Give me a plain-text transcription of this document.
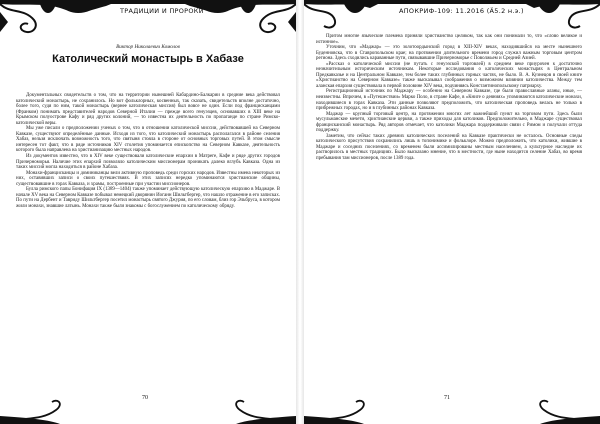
ТРАДИЦИИ И ПРОРОКИ
Виктор Николаевич Комолов
Католический монастырь в Хабазе

Документальных свидетельств о том, что на территории нынешней Кабардино-Балкарии в средние века действовал католический монастырь, не сохранилось. Но вот фольклорных, косвенных, так сказать, свидетельств вполне достаточно, более того, судя по ним, такой монастырь (вернее католическая миссия) был вовсе не один. Если под францисканцами (Франком) понимать представителей народов Северной Италии — прежде всего генуэзцев, основавших в XIII веке на Крымском полуострове Кафу и ряд других колоний, — то известна их деятельность по пропаганде по стране Римско-католической веры.

Мы уже писали о предположении ученых о том, что в отношении католической миссии, действовавшей на Северном Кавказе, существуют определённые данные. Исходя из того, что католический монастырь располагался в районе селения Хабаз, нельзя исключать возможность того, что святыня стояла в стороне от основных торговых путей. В этом смысле интересен тот факт, что в ряде источников XIV столетия упоминается епископство на Северном Кавказе, деятельность которого была направлена на христианизацию местных народов.

Из документов известно, что в XIV веке существовали католические епархии в Матреге, Кафе и ряде других городов Причерноморья. Наличие этих епархий позволяло католическим миссионерам проникать далеко вглубь Кавказа. Одна из таких миссий могла находиться в районе Хабаза.

Монахи-францисканцы и доминиканцы вели активную проповедь среди горских народов. Известны имена некоторых из них, оставивших записи о своих путешествиях. В этих записях нередко упоминаются христианские общины, существовавшие в горах Кавказа, и храмы, построенные при участии миссионеров.

Булла римского папы Бонифация IX (1389—1404) также упоминает действующую католическую епархию в Маджаре. В начале XV века на Северном Кавказе побывал немецкий дворянин Иоганн Шильтбергер, что нашло отражение в его записках. По пути на Дербент и Тавриду Шильтбергер посетил монастырь святого Джурия, по его словам, близ гор Эльбруса, в котором жили монахи, знавшие латынь. Монахи также были знакомы с богослужением по католическому обряду.

70
АПОКРИФ-109: 11.2016 (Ä5.2 н.э.)

Притом многие языческие племена приняли христианство целиком, так как они понимали то, что «слово великое и истинное».

Уточним, что «Маджар» — это золотоордынский город в XIII-XIV веках, находившийся на месте нынешнего Буденновска, что в Ставропольском крае; на протяжении длительного времени город служил важным торговым центром региона. Здесь сходились караванные пути, связывавшие Причерноморье с Поволжьем и Средней Азией.

«Рассказ о католической миссии (не путать с генуэзской торговлей) в среднем веке приурочен к достаточно незначительным историческим источникам. Некоторые исследования о католических монастырях в Центральном Предкавказье и на Центральном Кавказе, тем более таких глубинных горных частях, не было. В. А. Кузнецов в своей книге «Христианство на Северном Кавказе» также высказывал соображения о возможном влиянии католичества. Между тем аланская епархия существовала в первой половине XIV века, подчиняясь Константинопольскому патриарху.

Регистрационный источник по Маджару — особенно на Северном Кавказе, где были православные аланы, иные, — неизвестны. Впрочем, в «Путешествии» Марко Поло, в стране Кафе, в «Книге о деяниях» упоминаются католические монахи, находившиеся в горах Кавказа. Эти данные позволяют предположить, что католическая проповедь велась не только в прибрежных городах, но и в глубинных районах Кавказа.

Маджар — крупный торговый центр, на протяжении многих лет важнейший пункт на торговом пути. Здесь были мусульманские мечети, христианские церкви, а также приходы для католиков. Предположительно, в Маджаре существовал францисканский монастырь. Ряд авторов отмечает, что католики Маджара поддерживали связи с Римом и получали оттуда поддержку.

Заметим, что сейчас таких древних католических поселений на Кавказе практически не осталось. Основные следы католического присутствия сохранились лишь в топонимике и фольклоре. Можно предположить, что католики, жившие в Маджаре и соседних поселениях, со временем были ассимилированы местным населением, а культурное наследие их растворилось в местных традициях. Было высказано мнение, что в местности, где ныне находится селение Хабаз, во время пребывания там миссионеров, после 1389 года.

71
